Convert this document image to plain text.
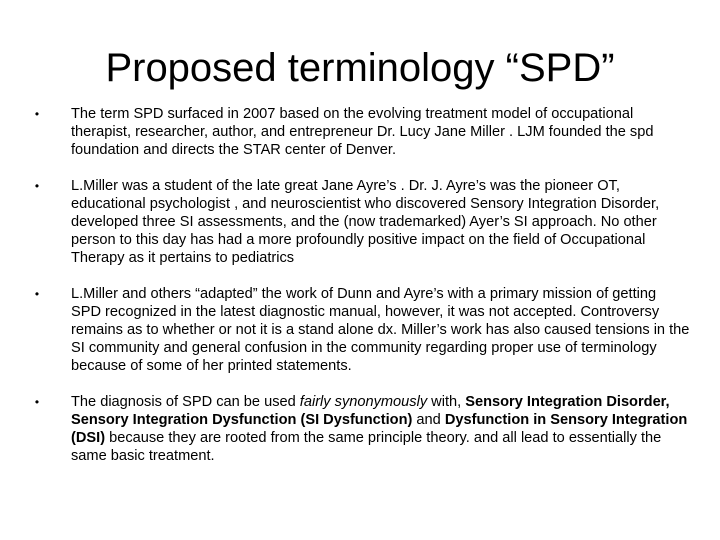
Proposed terminology “SPD”
•	The term SPD surfaced in 2007 based on the evolving treatment model of occupational therapist, researcher, author, and entrepreneur Dr. Lucy Jane Miller . LJM founded the spd foundation and directs the STAR center of Denver.
•	L.Miller was a student of the late great Jane Ayre’s . Dr. J. Ayre’s was the pioneer OT, educational psychologist , and neuroscientist who discovered Sensory Integration Disorder, developed three SI assessments, and the (now trademarked) Ayer’s SI approach. No other person to this day has had a more profoundly positive impact on the field of Occupational Therapy as it pertains to pediatrics
•	L.Miller and others “adapted” the work of Dunn and Ayre’s with a primary mission of getting SPD recognized in the latest diagnostic manual, however, it was not accepted. Controversy remains as to whether or not it is a stand alone dx. Miller’s work has also caused tensions in the SI community and general confusion in the community regarding proper use of terminology because of some of her printed statements.
•	The diagnosis of SPD can be used fairly synonymously with, Sensory Integration Disorder, Sensory Integration Dysfunction (SI Dysfunction) and Dysfunction in Sensory Integration (DSI) because they are rooted from the same principle theory. and all lead to essentially the same basic treatment.
